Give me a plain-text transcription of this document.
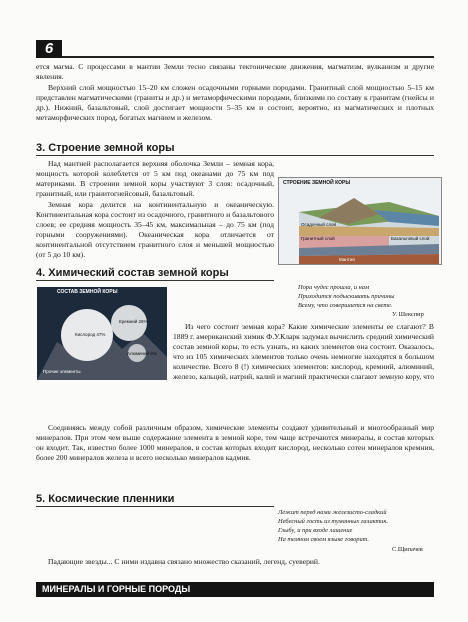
6
ется магма. С процессами в мантии Земли тесно связаны тектонические движения, магматизм, вулканизм и другие явления.
Верхний слой мощностью 15–20 км сложен осадочными горными породами. Гранитный слой мощностью 5–15 км представлен магматическими (граниты и др.) и метаморфическими породами, близкими по составу к гранитам (гнейсы и др.). Нижний, базальтовый, слой достигает мощности 5–35 км и состоит, вероятно, из магматических и плотных метаморфических пород, богатых магнием и железом.
3. Строение земной коры
Над мантией располагается верхняя оболочка Земли – земная кора, мощность которой колеблется от 5 км под океанами до 75 км под материками. В строении земной коры участвуют 3 слоя: осадочный, гранитный, или гранитогнейсовый, базальтовый.
Земная кора делится на континентальную и океаническую. Континентальная кора состоит из осадочного, гранитного и базальтового слоев; ее средняя мощность 35–45 км, максимальная – до 75 км (под горными сооружениями). Океаническая кора отличается от континентальной отсутствием гранитного слоя и меньшей мощностью (от 5 до 10 км).
СТРОЕНИЕ ЗЕМНОЙ КОРЫ
Осадочный слой
Гранитный слой	Базальтовый слой
Мантия
4. Химический состав земной коры
Пора чудес прошла, и нам
Приходится подыскивать причины
Всему, что совершается на свете.
У. Шекспир
СОСТАВ ЗЕМНОЙ КОРЫ
Кремний 26%
Кислород 47%
Алюминий 8%
Прочие элементы
Из чего состоит земная кора? Какие химические элементы ее слагают? В 1889 г. американский химик Ф.У.Кларк задумал вычислить средний химический состав земной коры, то есть узнать, из каких элементов она состоит. Оказалось, что из 105 химических элементов только очень немногие находятся в большом количестве. Всего 8 (!) химических элементов: кислород, кремний, алюминий, железо, кальций, натрий, калий и магний практически слагают земную кору, что
Соединяясь между собой различным образом, химические элементы создают удивительный и многообразный мир минералов. При этом чем выше содержание элемента в земной коре, тем чаще встречаются минералы, в состав которых он входит. Так, известно более 1000 минералов, в состав которых входит кислород, несколько сотен минералов кремния, более 200 минералов железа и всего несколько минералов кадмия.
5. Космические пленники
Лежит перед нами железисто-сладкий
Небесный гость из туманных галактик.
Глыбу, и при входе лишение
На темном своем языке говорит.
С.Щипачев
Падающие звезды... С ними издавна связано множество сказаний, легенд, суеверий.
МИНЕРАЛЫ И ГОРНЫЕ ПОРОДЫ
